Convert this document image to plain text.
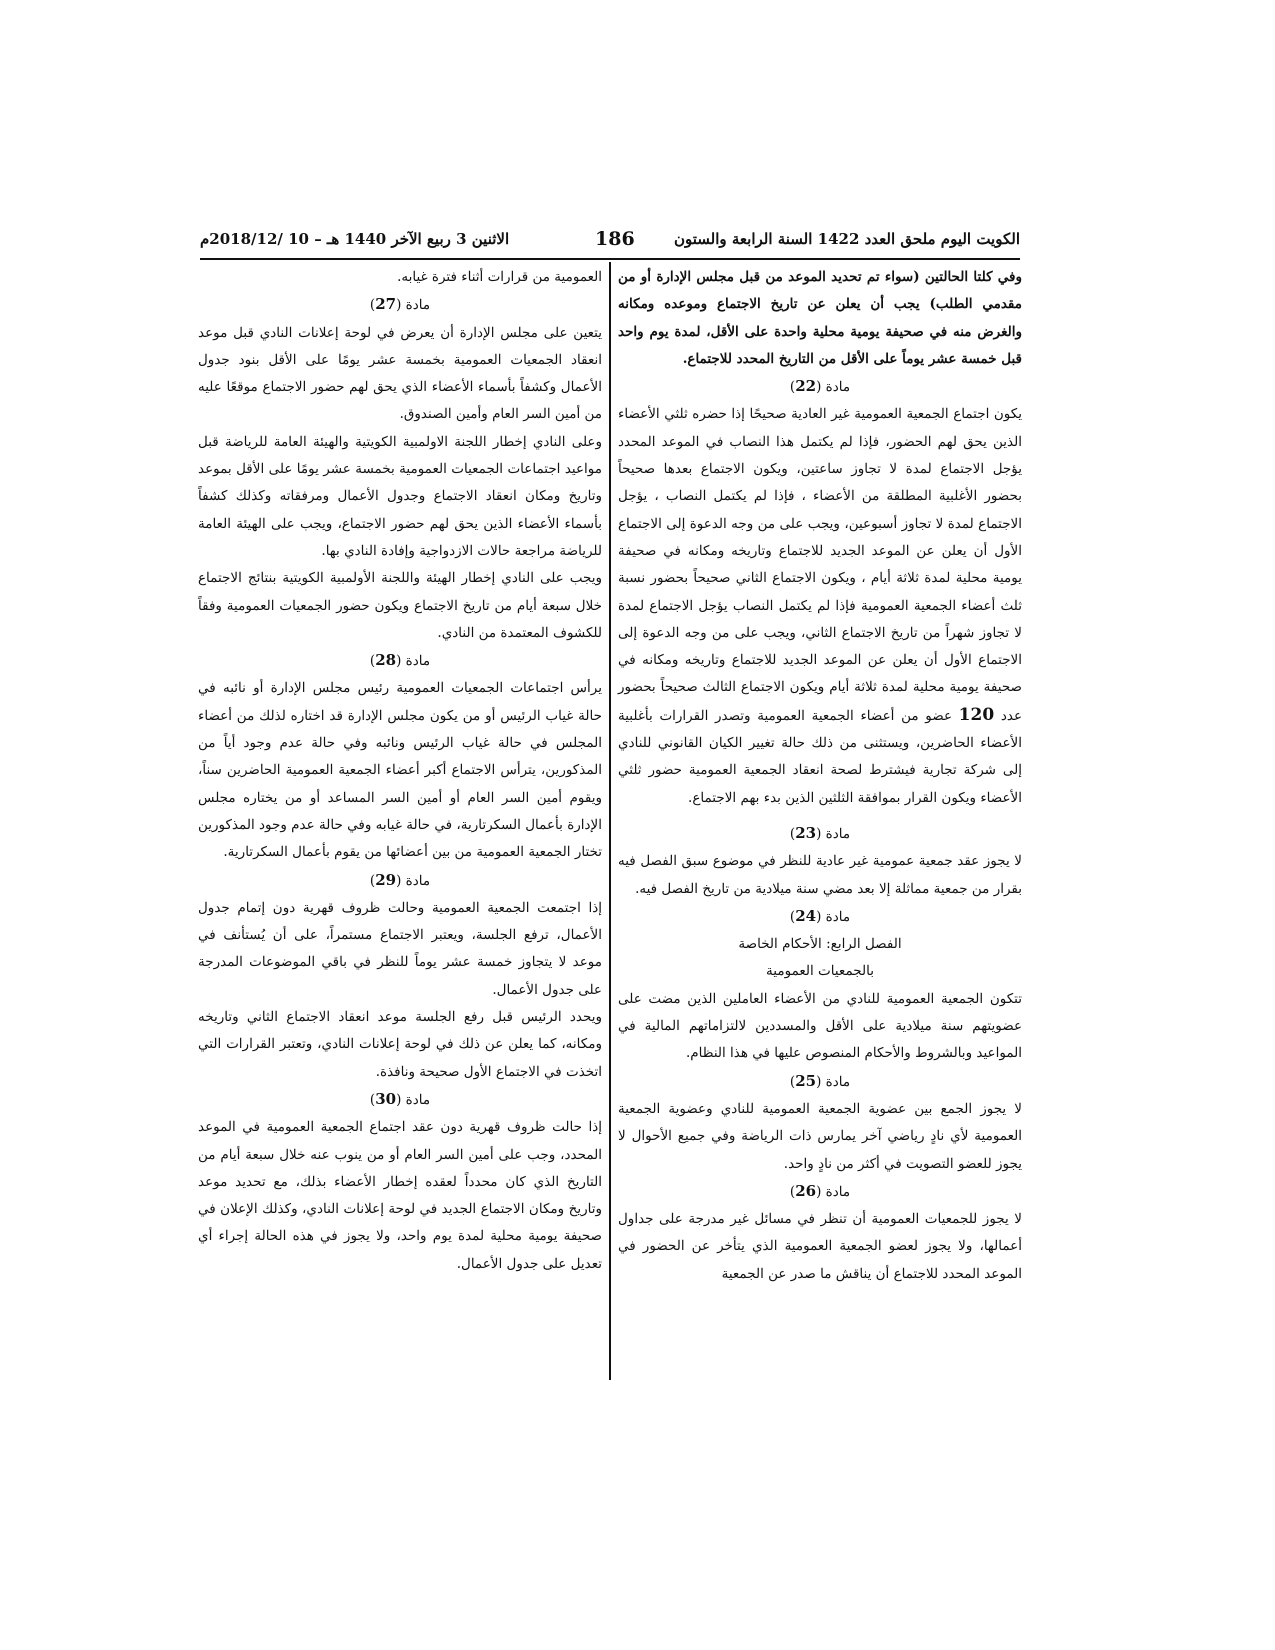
الكويت اليوم ملحق العدد 1422 السنة الرابعة والستون
186
الاثنين 3 ربيع الآخر 1440 هـ – 10 /2018/12م

وفي كلتا الحالتين (سواء تم تحديد الموعد من قبل مجلس الإدارة أو من مقدمي الطلب) يجب أن يعلن عن تاريخ الاجتماع وموعده ومكانه والغرض منه في صحيفة يومية محلية واحدة على الأقل، لمدة يوم واحد قبل خمسة عشر يوماً على الأقل من التاريخ المحدد للاجتماع.

مادة (22)

يكون اجتماع الجمعية العمومية غير العادية صحيحًا إذا حضره ثلثي الأعضاء الذين يحق لهم الحضور، فإذا لم يكتمل هذا النصاب في الموعد المحدد يؤجل الاجتماع لمدة لا تجاوز ساعتين، ويكون الاجتماع بعدها صحيحاً بحضور الأغلبية المطلقة من الأعضاء ، فإذا لم يكتمل النصاب ، يؤجل الاجتماع لمدة لا تجاوز أسبوعين، ويجب على من وجه الدعوة إلى الاجتماع الأول أن يعلن عن الموعد الجديد للاجتماع وتاريخه ومكانه في صحيفة يومية محلية لمدة ثلاثة أيام ، ويكون الاجتماع الثاني صحيحاً بحضور نسبة ثلث أعضاء الجمعية العمومية فإذا لم يكتمل النصاب يؤجل الاجتماع لمدة لا تجاوز شهراً من تاريخ الاجتماع الثاني، ويجب على من وجه الدعوة إلى الاجتماع الأول أن يعلن عن الموعد الجديد للاجتماع وتاريخه ومكانه في صحيفة يومية محلية لمدة ثلاثة أيام ويكون الاجتماع الثالث صحيحاً بحضور عدد 120 عضو من أعضاء الجمعية العمومية وتصدر القرارات بأغلبية الأعضاء الحاضرين، ويستثنى من ذلك حالة تغيير الكيان القانوني للنادي إلى شركة تجارية فيشترط لصحة انعقاد الجمعية العمومية حضور ثلثي الأعضاء ويكون القرار بموافقة الثلثين الذين بدء بهم الاجتماع.

مادة (23)

لا يجوز عقد جمعية عمومية غير عادية للنظر في موضوع سبق الفصل فيه بقرار من جمعية مماثلة إلا بعد مضي سنة ميلادية من تاريخ الفصل فيه.

مادة (24)

الفصل الرابع: الأحكام الخاصة

بالجمعيات العمومية

تتكون الجمعية العمومية للنادي من الأعضاء العاملين الذين مضت على عضويتهم سنة ميلادية على الأقل والمسددين لالتزاماتهم المالية في المواعيد وبالشروط والأحكام المنصوص عليها في هذا النظام.

مادة (25)

لا يجوز الجمع بين عضوية الجمعية العمومية للنادي وعضوية الجمعية العمومية لأي نادٍ رياضي آخر يمارس ذات الرياضة وفي جميع الأحوال لا يجوز للعضو التصويت في أكثر من نادٍ واحد.

مادة (26)

لا يجوز للجمعيات العمومية أن تنظر في مسائل غير مدرجة على جداول أعمالها، ولا يجوز لعضو الجمعية العمومية الذي يتأخر عن الحضور في الموعد المحدد للاجتماع أن يناقش ما صدر عن الجمعية

العمومية من قرارات أثناء فترة غيابه.

مادة (27)

يتعين على مجلس الإدارة أن يعرض في لوحة إعلانات النادي قبل موعد انعقاد الجمعيات العمومية بخمسة عشر يومًا على الأقل بنود جدول الأعمال وكشفاً بأسماء الأعضاء الذي يحق لهم حضور الاجتماع موقعًا عليه من أمين السر العام وأمين الصندوق.

وعلى النادي إخطار اللجنة الاولمبية الكويتية والهيئة العامة للرياضة قبل مواعيد اجتماعات الجمعيات العمومية بخمسة عشر يومًا على الأقل بموعد وتاريخ ومكان انعقاد الاجتماع وجدول الأعمال ومرفقاته وكذلك كشفاً بأسماء الأعضاء الذين يحق لهم حضور الاجتماع، ويجب على الهيئة العامة للرياضة مراجعة حالات الازدواجية وإفادة النادي بها.

ويجب على النادي إخطار الهيئة واللجنة الأولمبية الكويتية بنتائج الاجتماع خلال سبعة أيام من تاريخ الاجتماع ويكون حضور الجمعيات العمومية وفقاً للكشوف المعتمدة من النادي.

مادة (28)

يرأس اجتماعات الجمعيات العمومية رئيس مجلس الإدارة أو نائبه في حالة غياب الرئيس أو من يكون مجلس الإدارة قد اختاره لذلك من أعضاء المجلس في حالة غياب الرئيس ونائبه وفي حالة عدم وجود أياً من المذكورين، يترأس الاجتماع أكبر أعضاء الجمعية العمومية الحاضرين سناً، ويقوم أمين السر العام أو أمين السر المساعد أو من يختاره مجلس الإدارة بأعمال السكرتارية، في حالة غيابه وفي حالة عدم وجود المذكورين تختار الجمعية العمومية من بين أعضائها من يقوم بأعمال السكرتارية.

مادة (29)

إذا اجتمعت الجمعية العمومية وحالت ظروف قهرية دون إتمام جدول الأعمال، ترفع الجلسة، ويعتبر الاجتماع مستمراً، على أن يُستأنف في موعد لا يتجاوز خمسة عشر يوماً للنظر في باقي الموضوعات المدرجة على جدول الأعمال.

ويحدد الرئيس قبل رفع الجلسة موعد انعقاد الاجتماع الثاني وتاريخه ومكانه، كما يعلن عن ذلك في لوحة إعلانات النادي، وتعتبر القرارات التي اتخذت في الاجتماع الأول صحيحة ونافذة.

مادة (30)

إذا حالت ظروف قهرية دون عقد اجتماع الجمعية العمومية في الموعد المحدد، وجب على أمين السر العام أو من ينوب عنه خلال سبعة أيام من التاريخ الذي كان محدداً لعقده إخطار الأعضاء بذلك، مع تحديد موعد وتاريخ ومكان الاجتماع الجديد في لوحة إعلانات النادي، وكذلك الإعلان في صحيفة يومية محلية لمدة يوم واحد، ولا يجوز في هذه الحالة إجراء أي تعديل على جدول الأعمال.
